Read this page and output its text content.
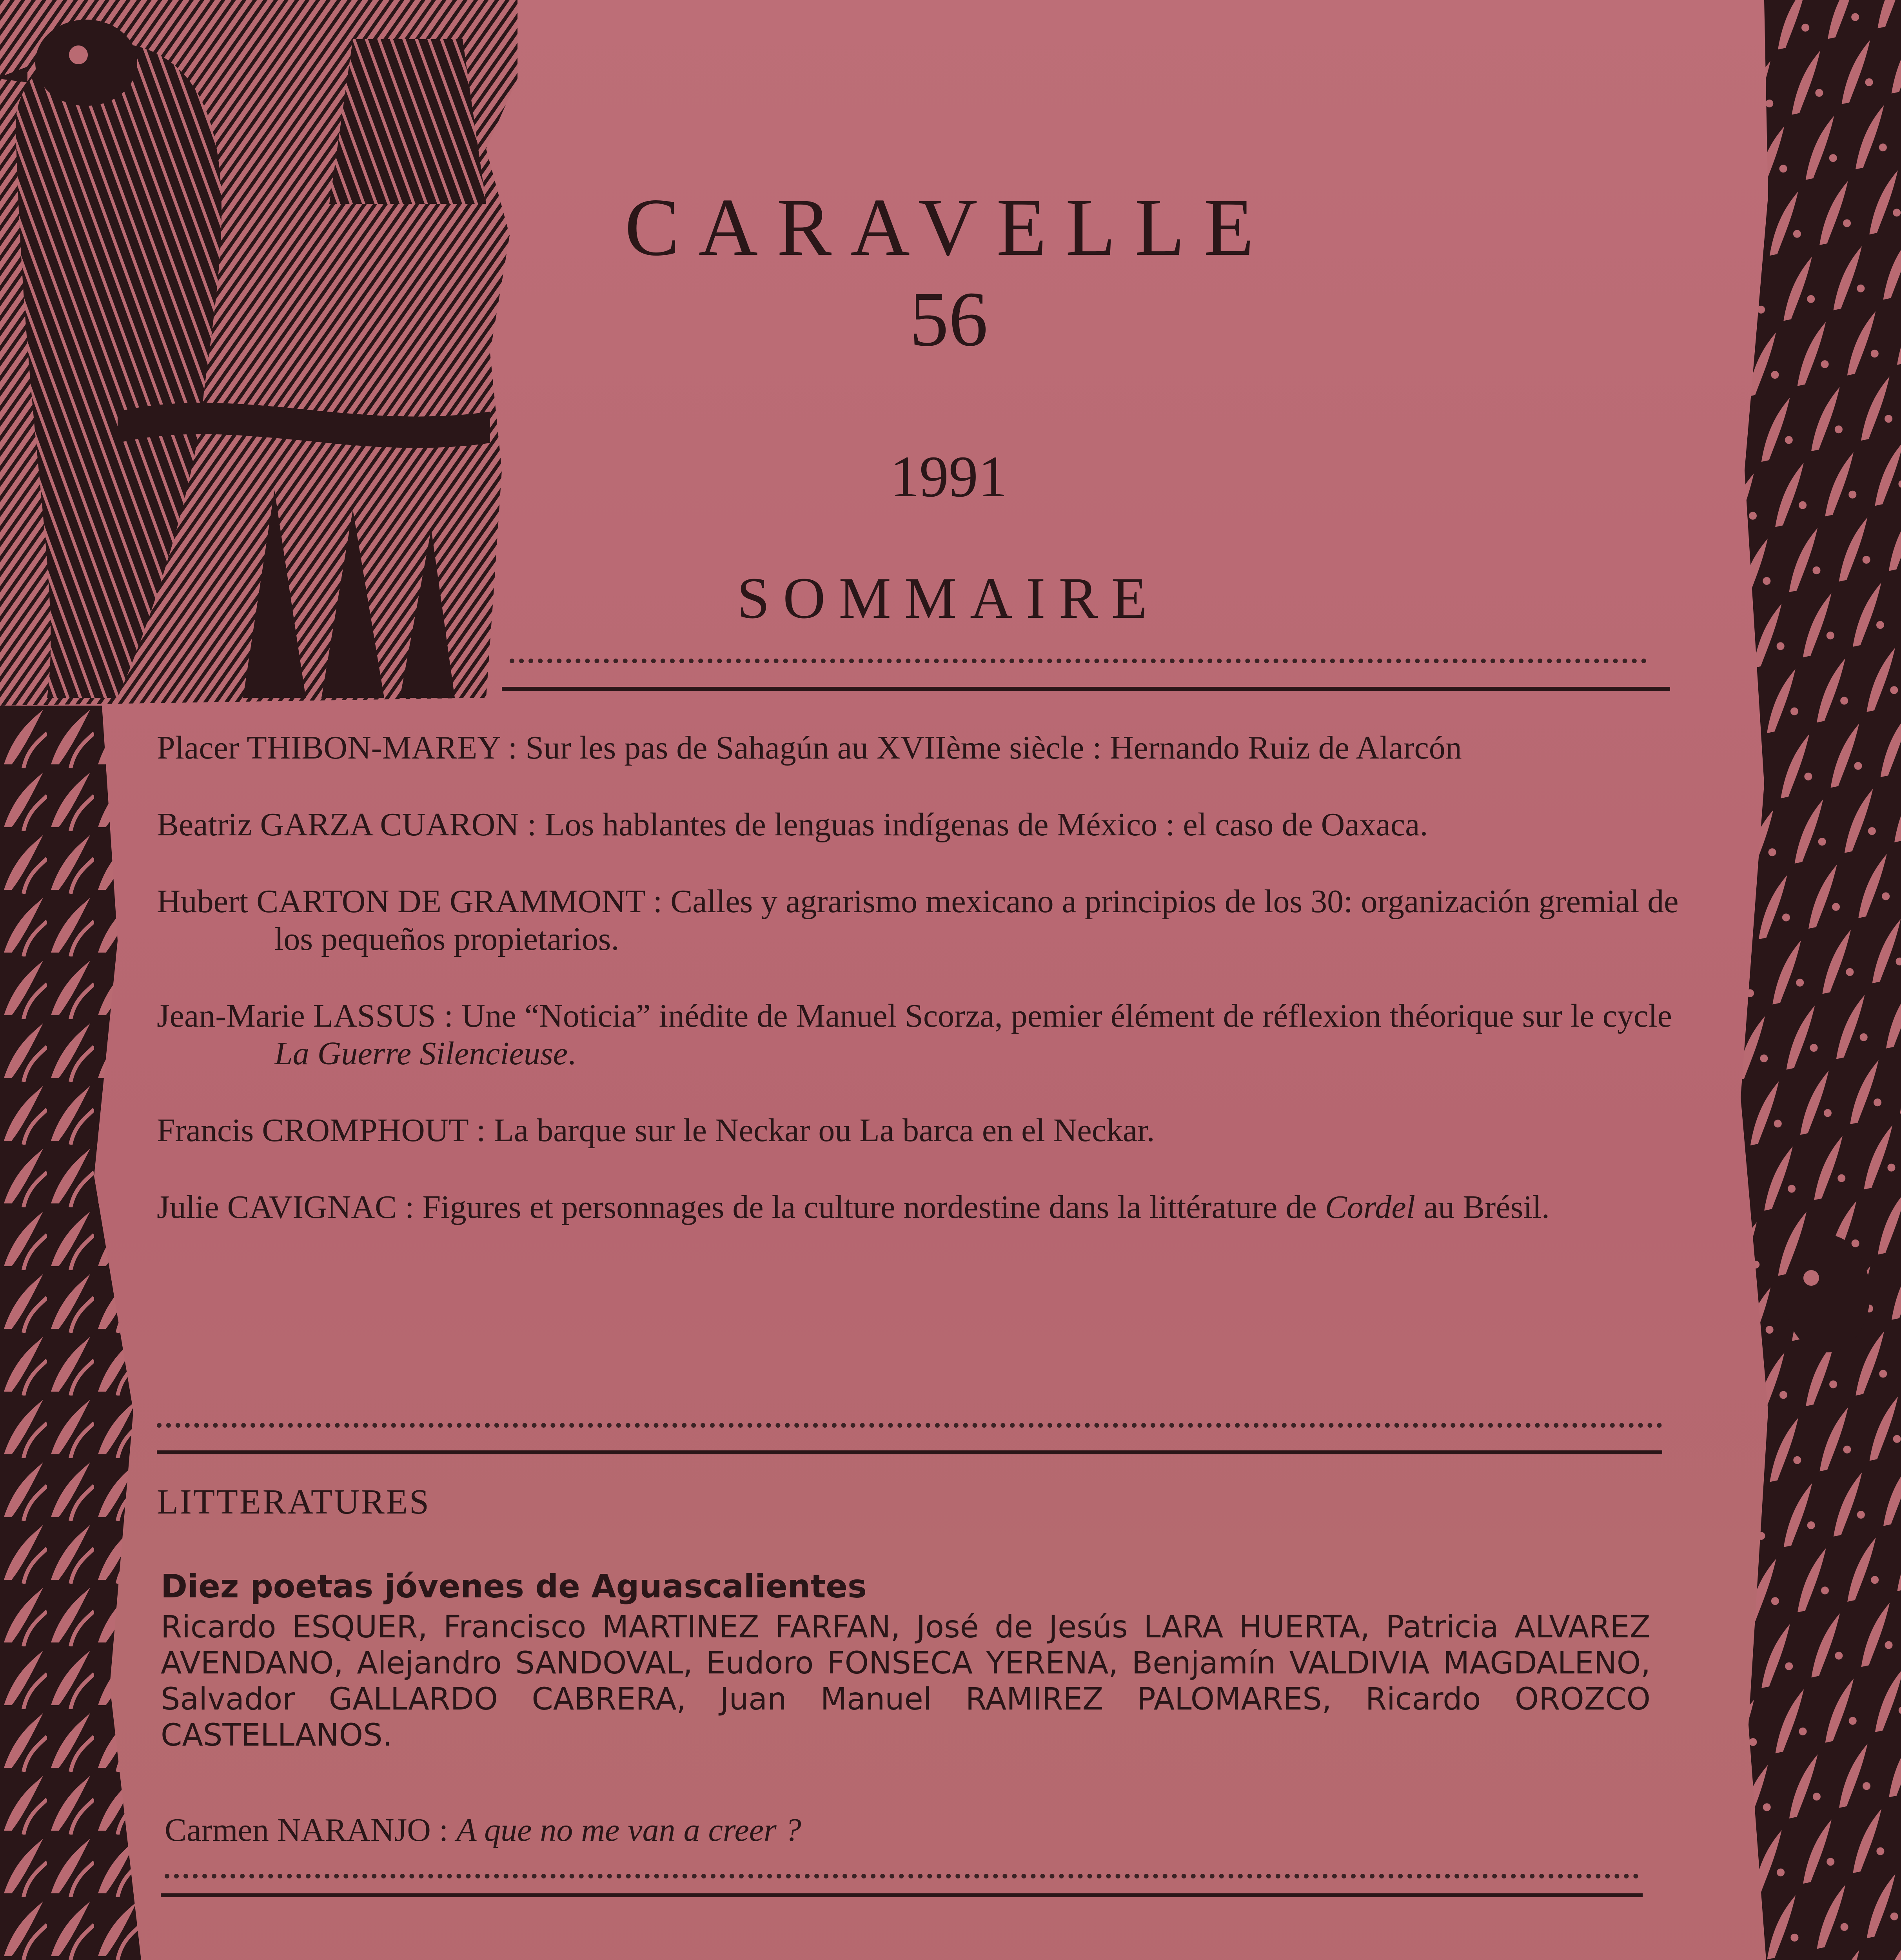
CARAVELLE
56
1991
SOMMAIRE
Placer THIBON-MAREY : Sur les pas de Sahagún au XVIIème siècle : Hernando Ruiz de Alarcón
Beatriz GARZA CUARON : Los hablantes de lenguas indígenas de México : el caso de Oaxaca.
Hubert CARTON DE GRAMMONT : Calles y agrarismo mexicano a principios de los 30: organización gremial de los pequeños propietarios.
Jean-Marie LASSUS : Une “Noticia” inédite de Manuel Scorza, pemier élément de réflexion théorique sur le cycle La Guerre Silencieuse.
Francis CROMPHOUT : La barque sur le Neckar ou La barca en el Neckar.
Julie CAVIGNAC : Figures et personnages de la culture nordestine dans la littérature de Cordel au Brésil.
LITTERATURES
Diez poetas jóvenes de Aguascalientes
Ricardo ESQUER, Francisco MARTINEZ FARFAN, José de Jesús LARA HUERTA, Patricia ALVAREZ AVENDANO, Alejandro SANDOVAL, Eudoro FONSECA YERENA, Benjamín VALDIVIA MAGDALENO, Salvador GALLARDO CABRERA, Juan Manuel RAMIREZ PALOMARES, Ricardo OROZCO CASTELLANOS.
Carmen NARANJO : A que no me van a creer ?
